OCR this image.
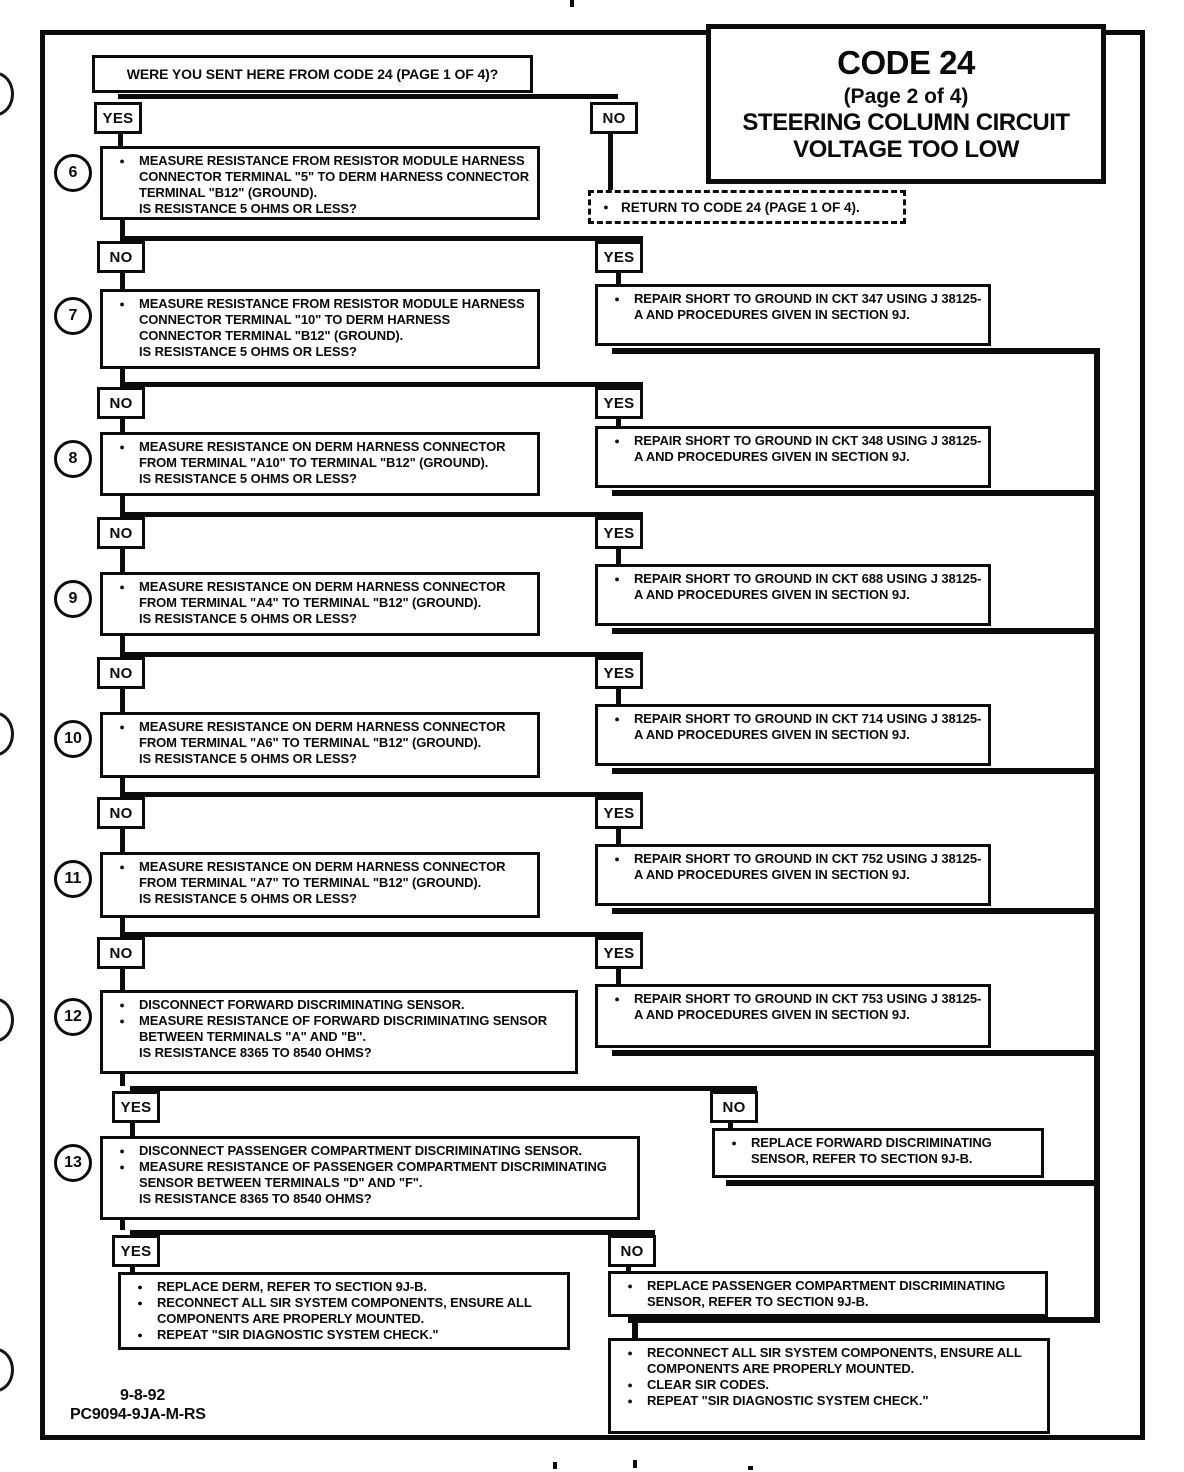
CODE 24
(Page 2 of 4)
STEERING COLUMN CIRCUIT
VOLTAGE TOO LOW
WERE YOU SENT HERE FROM CODE 24 (PAGE 1 OF 4)?
● RETURN TO CODE 24 (PAGE 1 OF 4).
9-8-92
PC9094-9JA-M-RS
YES	NO
6
●	MEASURE RESISTANCE FROM RESISTOR MODULE HARNESS CONNECTOR TERMINAL "5" TO DERM HARNESS CONNECTOR TERMINAL "B12" (GROUND).
IS RESISTANCE 5 OHMS OR LESS?
NO	YES
●	REPAIR SHORT TO GROUND IN CKT 347 USING J 38125-A AND PROCEDURES GIVEN IN SECTION 9J.
7
●	MEASURE RESISTANCE FROM RESISTOR MODULE HARNESS CONNECTOR TERMINAL "10" TO DERM HARNESS CONNECTOR TERMINAL "B12" (GROUND).
IS RESISTANCE 5 OHMS OR LESS?
NO	YES
●	REPAIR SHORT TO GROUND IN CKT 348 USING J 38125-A AND PROCEDURES GIVEN IN SECTION 9J.
8
●	MEASURE RESISTANCE ON DERM HARNESS CONNECTOR FROM TERMINAL "A10" TO TERMINAL "B12" (GROUND).
IS RESISTANCE 5 OHMS OR LESS?
NO	YES
●	REPAIR SHORT TO GROUND IN CKT 688 USING J 38125-A AND PROCEDURES GIVEN IN SECTION 9J.
9
●	MEASURE RESISTANCE ON DERM HARNESS CONNECTOR FROM TERMINAL "A4" TO TERMINAL "B12" (GROUND).
IS RESISTANCE 5 OHMS OR LESS?
NO	YES
●	REPAIR SHORT TO GROUND IN CKT 714 USING J 38125-A AND PROCEDURES GIVEN IN SECTION 9J.
10
●	MEASURE RESISTANCE ON DERM HARNESS CONNECTOR FROM TERMINAL "A6" TO TERMINAL "B12" (GROUND).
IS RESISTANCE 5 OHMS OR LESS?
NO	YES
●	REPAIR SHORT TO GROUND IN CKT 752 USING J 38125-A AND PROCEDURES GIVEN IN SECTION 9J.
11
●	MEASURE RESISTANCE ON DERM HARNESS CONNECTOR FROM TERMINAL "A7" TO TERMINAL "B12" (GROUND).
IS RESISTANCE 5 OHMS OR LESS?
NO	YES
●	REPAIR SHORT TO GROUND IN CKT 753 USING J 38125-A AND PROCEDURES GIVEN IN SECTION 9J.
12
●	DISCONNECT FORWARD DISCRIMINATING SENSOR.
●	MEASURE RESISTANCE OF FORWARD DISCRIMINATING SENSOR BETWEEN TERMINALS "A" AND "B".
IS RESISTANCE 8365 TO 8540 OHMS?
YES	NO
●	REPLACE FORWARD DISCRIMINATING SENSOR, REFER TO SECTION 9J-B.
13
●	DISCONNECT PASSENGER COMPARTMENT DISCRIMINATING SENSOR.
●	MEASURE RESISTANCE OF PASSENGER COMPARTMENT DISCRIMINATING SENSOR BETWEEN TERMINALS "D" AND "F".
IS RESISTANCE 8365 TO 8540 OHMS?
YES	NO
●	REPLACE DERM, REFER TO SECTION 9J-B.
●	RECONNECT ALL SIR SYSTEM COMPONENTS, ENSURE ALL COMPONENTS ARE PROPERLY MOUNTED.
●	REPEAT "SIR DIAGNOSTIC SYSTEM CHECK."
●	REPLACE PASSENGER COMPARTMENT DISCRIMINATING SENSOR, REFER TO SECTION 9J-B.
●	RECONNECT ALL SIR SYSTEM COMPONENTS, ENSURE ALL COMPONENTS ARE PROPERLY MOUNTED.
●	CLEAR SIR CODES.
●	REPEAT "SIR DIAGNOSTIC SYSTEM CHECK."
